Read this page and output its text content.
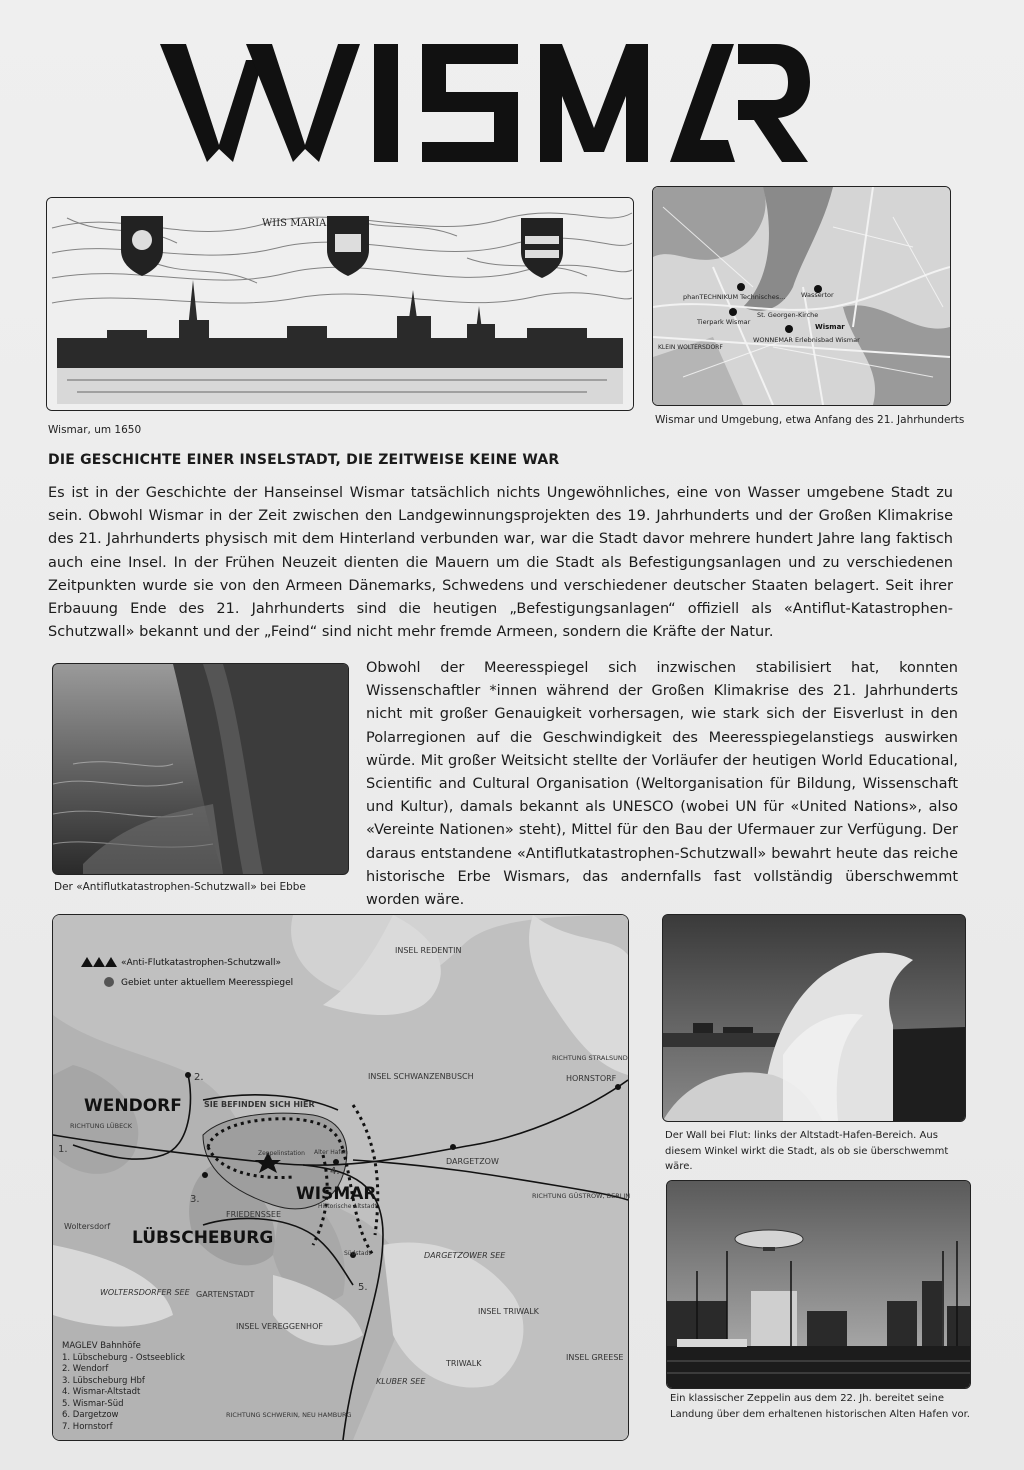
WIIS MARIA
Wismar, um 1650
phanTECHNIKUM Technisches...
Tierpark Wismar
Wassertor
St. Georgen-Kirche
Wismar
WONNEMAR Erlebnisbad Wismar
KLEIN WOLTERSDORF
Wismar und Umgebung, etwa Anfang des 21. Jahrhunderts
DIE GESCHICHTE EINER INSELSTADT, DIE ZEITWEISE KEINE WAR
Es ist in der Geschichte der Hanseinsel Wismar tatsächlich nichts Ungewöhnliches, eine von Wasser umgebene Stadt zu sein. Obwohl Wismar in der Zeit zwischen den Landgewinnungsprojekten des 19. Jahrhunderts und der Großen Klimakrise des 21. Jahrhunderts physisch mit dem Hinterland verbunden war, war die Stadt davor mehrere hundert Jahre lang faktisch auch eine Insel. In der Frühen Neuzeit dienten die Mauern um die Stadt als Befestigungsanlagen und zu verschiedenen Zeitpunkten wurde sie von den Armeen Dänemarks, Schwedens und verschiedener deutscher Staaten belagert. Seit ihrer Erbauung Ende des 21. Jahrhunderts sind die heutigen „Befestigungsanlagen“ offiziell als «Antiflut-Katastrophen-Schutzwall» bekannt und der „Feind“ sind nicht mehr fremde Armeen, sondern die Kräfte der Natur.
Der «Antiflutkatastrophen-Schutzwall» bei Ebbe
Obwohl der Meeresspiegel sich inzwischen stabilisiert hat, konnten Wissenschaftler *innen während der Großen Klimakrise des 21. Jahrhunderts nicht mit großer Genauigkeit vorhersagen, wie stark sich der Eisverlust in den Polarregionen auf die Geschwindigkeit des Meeresspiegelanstiegs auswirken würde. Mit großer Weitsicht stellte der Vorläufer der heutigen World Educational, Scientific and Cultural Organisation (Weltorganisation für Bildung, Wissenschaft und Kultur), damals bekannt als UNESCO (wobei UN für «United Nations», also «Vereinte Nationen» steht), Mittel für den Bau der Ufermauer zur Verfügung. Der daraus entstandene «Antiflutkatastrophen-Schutzwall» bewahrt heute das reiche historische Erbe Wismars, das andernfalls fast vollständig überschwemmt worden wäre.
«Anti-Flutkatastrophen-Schutzwall»
Gebiet unter aktuellem Meeresspiegel
WENDORF
LÜBSCHEBURG
WISMAR
SIE BEFINDEN SICH HIER
INSEL REDENTIN
INSEL SCHWANZENBUSCH	HORNSTORF
DARGETZOW
DARGETZOWER SEE
INSEL TRIWALK
TRIWALK
INSEL GREESE
KLUBER SEE
INSEL VEREGGENHOF
GARTENSTADT
FRIEDENSSEE
WOLTERSDORFER SEE
Woltersdorf
RICHTUNG LÜBECK
RICHTUNG STRALSUND
RICHTUNG GÜSTROW, BERLIN
RICHTUNG SCHWERIN, NEU HAMBURG
Historische Altstadt
Zeppelinstation Alter Hafen
Südstadt
1.
2.
3.
4.
5.
MAGLEV Bahnhöfe
1. Lübscheburg - Ostseeblick
2. Wendorf
3. Lübscheburg Hbf
4. Wismar-Altstadt
5. Wismar-Süd
6. Dargetzow
7. Hornstorf
Der Wall bei Flut: links der Altstadt-Hafen-Bereich. Aus diesem Winkel wirkt die Stadt, als ob sie überschwemmt wäre.
Ein klassischer Zeppelin aus dem 22. Jh. bereitet seine Landung über dem erhaltenen historischen Alten Hafen vor.
